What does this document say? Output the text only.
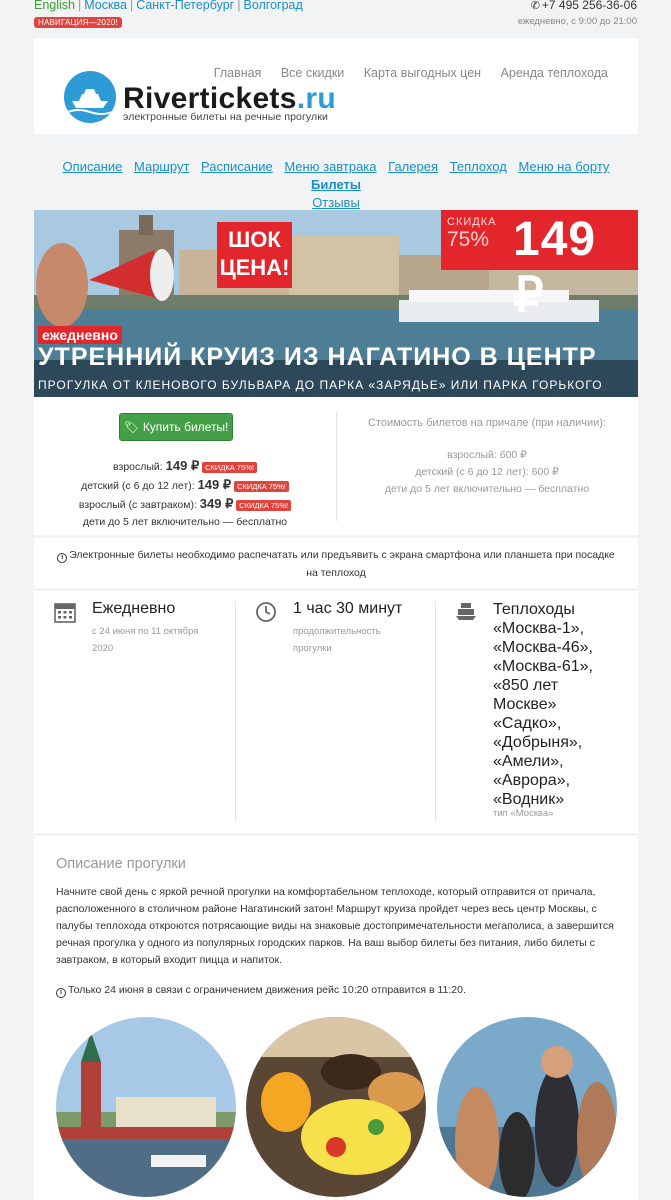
English | Москва | Санкт-Петербург | Волгоград
НАВИГАЦИЯ—2020!
✆ +7 495 256-36-06
ежедневно, с 9:00 до 21:00
Rivertickets.ru
электронные билеты на речные прогулки
Главная Все скидки Карта выгодных цен Аренда теплохода
Описание Маршрут Расписание Меню завтрака Галерея Теплоход Меню на борту Билеты
Отзывы
ШОК
ЦЕНА!
СКИДКА
75% 149 ₽
ежедневно
УТРЕННИЙ КРУИЗ ИЗ НАГАТИНО В ЦЕНТР
ПРОГУЛКА ОТ КЛЕНОВОГО БУЛЬВАРА ДО ПАРКА «ЗАРЯДЬЕ» ИЛИ ПАРКА ГОРЬКОГО
🏷 Купить билеты!
взрослый: 149 ₽ СКИДКА 75%!
детский (с 6 до 12 лет): 149 ₽ СКИДКА 75%!
взрослый (с завтраком): 349 ₽ СКИДКА 75%!
дети до 5 лет включительно — бесплатно
Стоимость билетов на причале (при наличии):
взрослый: 600 ₽
детский (с 6 до 12 лет): 600 ₽
дети до 5 лет включительно — бесплатно
i Электронные билеты необходимо распечатать или предъявить с экрана смартфона или планшета при посадке на теплоход
Ежедневно
с 24 июня по 11 октября 2020
1 час 30 минут
продолжительность прогулки
Теплоходы «Москва-1», «Москва-46», «Москва-61», «850 лет Москве» «Садко», «Добрыня», «Амели», «Аврора», «Водник»
тип «Москва»
Описание прогулки
Начните свой день с яркой речной прогулки на комфортабельном теплоходе, который отправится от причала, расположенного в столичном районе Нагатинский затон! Маршрут круиза пройдет через весь центр Москвы, с палубы теплохода откроются потрясающие виды на знаковые достопримечательности мегаполиса, а завершится речная прогулка у одного из популярных городских парков. На ваш выбор билеты без питания, либо билеты с завтраком, в который входит пицца и напиток.
i Только 24 июня в связи с ограничением движения рейс 10:20 отправится в 11:20.
